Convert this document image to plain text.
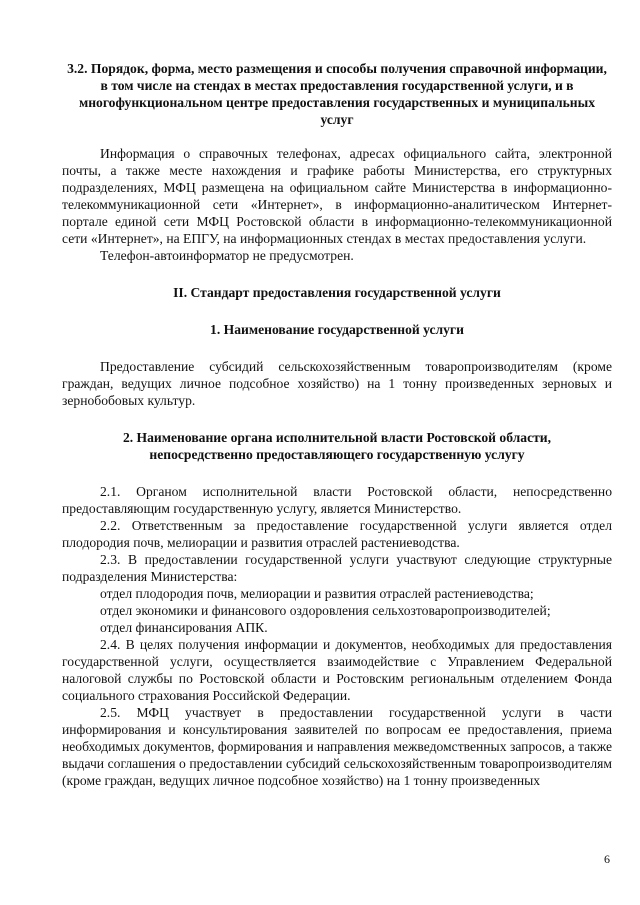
3.2. Порядок, форма, место размещения и способы получения справочной информации, в том числе на стендах в местах предоставления государственной услуги, и в многофункциональном центре предоставления государственных и муниципальных услуг

Информация о справочных телефонах, адресах официального сайта, электронной почты, а также месте нахождения и графике работы Министерства, его структурных подразделениях, МФЦ размещена на официальном сайте Министерства в информационно-телекоммуникационной сети «Интернет», в информационно-аналитическом Интернет-портале единой сети МФЦ Ростовской области в информационно-телекоммуникационной сети «Интернет», на ЕПГУ, на информационных стендах в местах предоставления услуги.

Телефон-автоинформатор не предусмотрен.

II. Стандарт предоставления государственной услуги
1. Наименование государственной услуги

Предоставление субсидий сельскохозяйственным товаропроизводителям (кроме граждан, ведущих личное подсобное хозяйство) на 1 тонну произведенных зерновых и зернобобовых культур.

2. Наименование органа исполнительной власти Ростовской области,
непосредственно предоставляющего государственную услугу

2.1. Органом исполнительной власти Ростовской области, непосредственно предоставляющим государственную услугу, является Министерство.

2.2. Ответственным за предоставление государственной услуги является отдел плодородия почв, мелиорации и развития отраслей растениеводства.

2.3. В предоставлении государственной услуги участвуют следующие структурные подразделения Министерства:

отдел плодородия почв, мелиорации и развития отраслей растениеводства;

отдел экономики и финансового оздоровления сельхозтоваропроизводителей;

отдел финансирования АПК.

2.4. В целях получения информации и документов, необходимых для предоставления государственной услуги, осуществляется взаимодействие с Управлением Федеральной налоговой службы по Ростовской области и Ростовским региональным отделением Фонда социального страхования Российской Федерации.

2.5. МФЦ участвует в предоставлении государственной услуги в части информирования и консультирования заявителей по вопросам ее предоставления, приема необходимых документов, формирования и направления межведомственных запросов, а также выдачи соглашения о предоставлении субсидий сельскохозяйственным товаропроизводителям (кроме граждан, ведущих личное подсобное хозяйство) на 1 тонну произведенных

6
